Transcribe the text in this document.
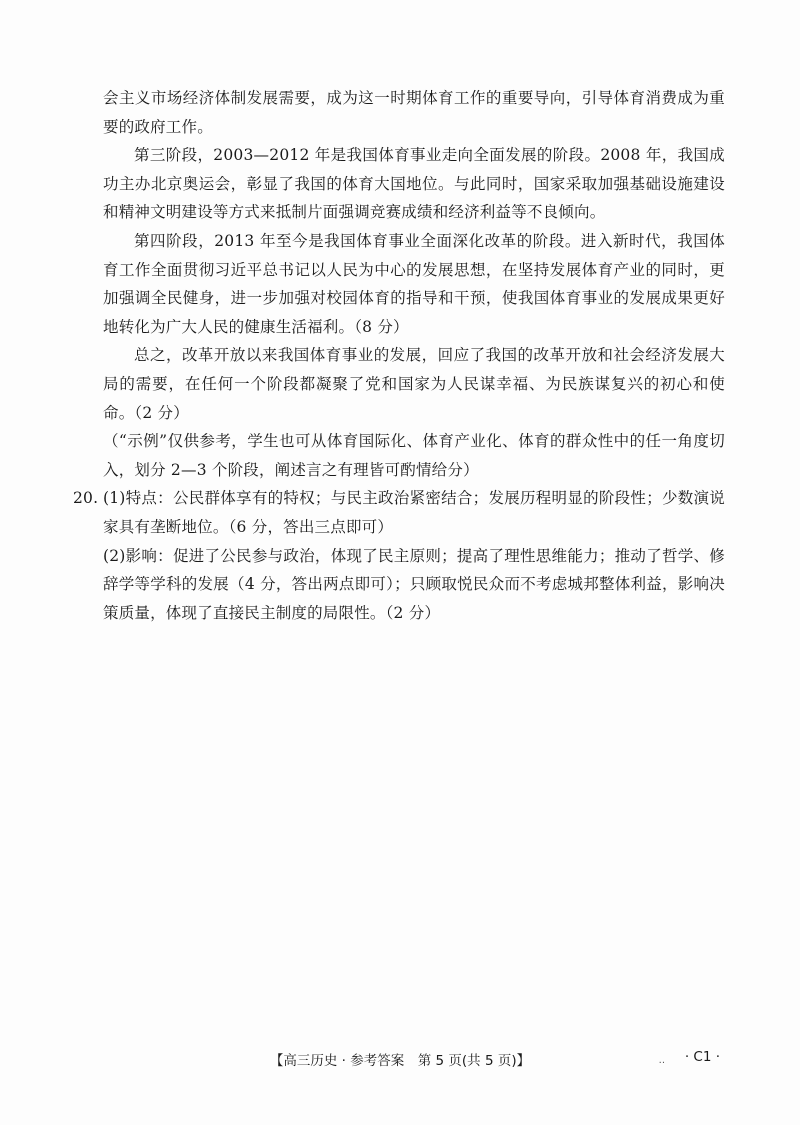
会主义市场经济体制发展需要，成为这一时期体育工作的重要导向，引导体育消费成为重要的政府工作。

第三阶段，2003—2012 年是我国体育事业走向全面发展的阶段。2008 年，我国成功主办北京奥运会，彰显了我国的体育大国地位。与此同时，国家采取加强基础设施建设和精神文明建设等方式来抵制片面强调竞赛成绩和经济利益等不良倾向。

第四阶段，2013 年至今是我国体育事业全面深化改革的阶段。进入新时代，我国体育工作全面贯彻习近平总书记以人民为中心的发展思想，在坚持发展体育产业的同时，更加强调全民健身，进一步加强对校园体育的指导和干预，使我国体育事业的发展成果更好地转化为广大人民的健康生活福利。（8 分）

总之，改革开放以来我国体育事业的发展，回应了我国的改革开放和社会经济发展大局的需要，在任何一个阶段都凝聚了党和国家为人民谋幸福、为民族谋复兴的初心和使命。（2 分）

（“示例”仅供参考，学生也可从体育国际化、体育产业化、体育的群众性中的任一角度切入，划分 2—3 个阶段，阐述言之有理皆可酌情给分）

20. (1)特点：公民群体享有的特权；与民主政治紧密结合；发展历程明显的阶段性；少数演说家具有垄断地位。（6 分，答出三点即可）

(2)影响：促进了公民参与政治，体现了民主原则；提高了理性思维能力；推动了哲学、修辞学等学科的发展（4 分，答出两点即可）；只顾取悦民众而不考虑城邦整体利益，影响决策质量，体现了直接民主制度的局限性。（2 分）

【高三历史 · 参考答案　第 5 页(共 5 页)】	.. · C1 ·
